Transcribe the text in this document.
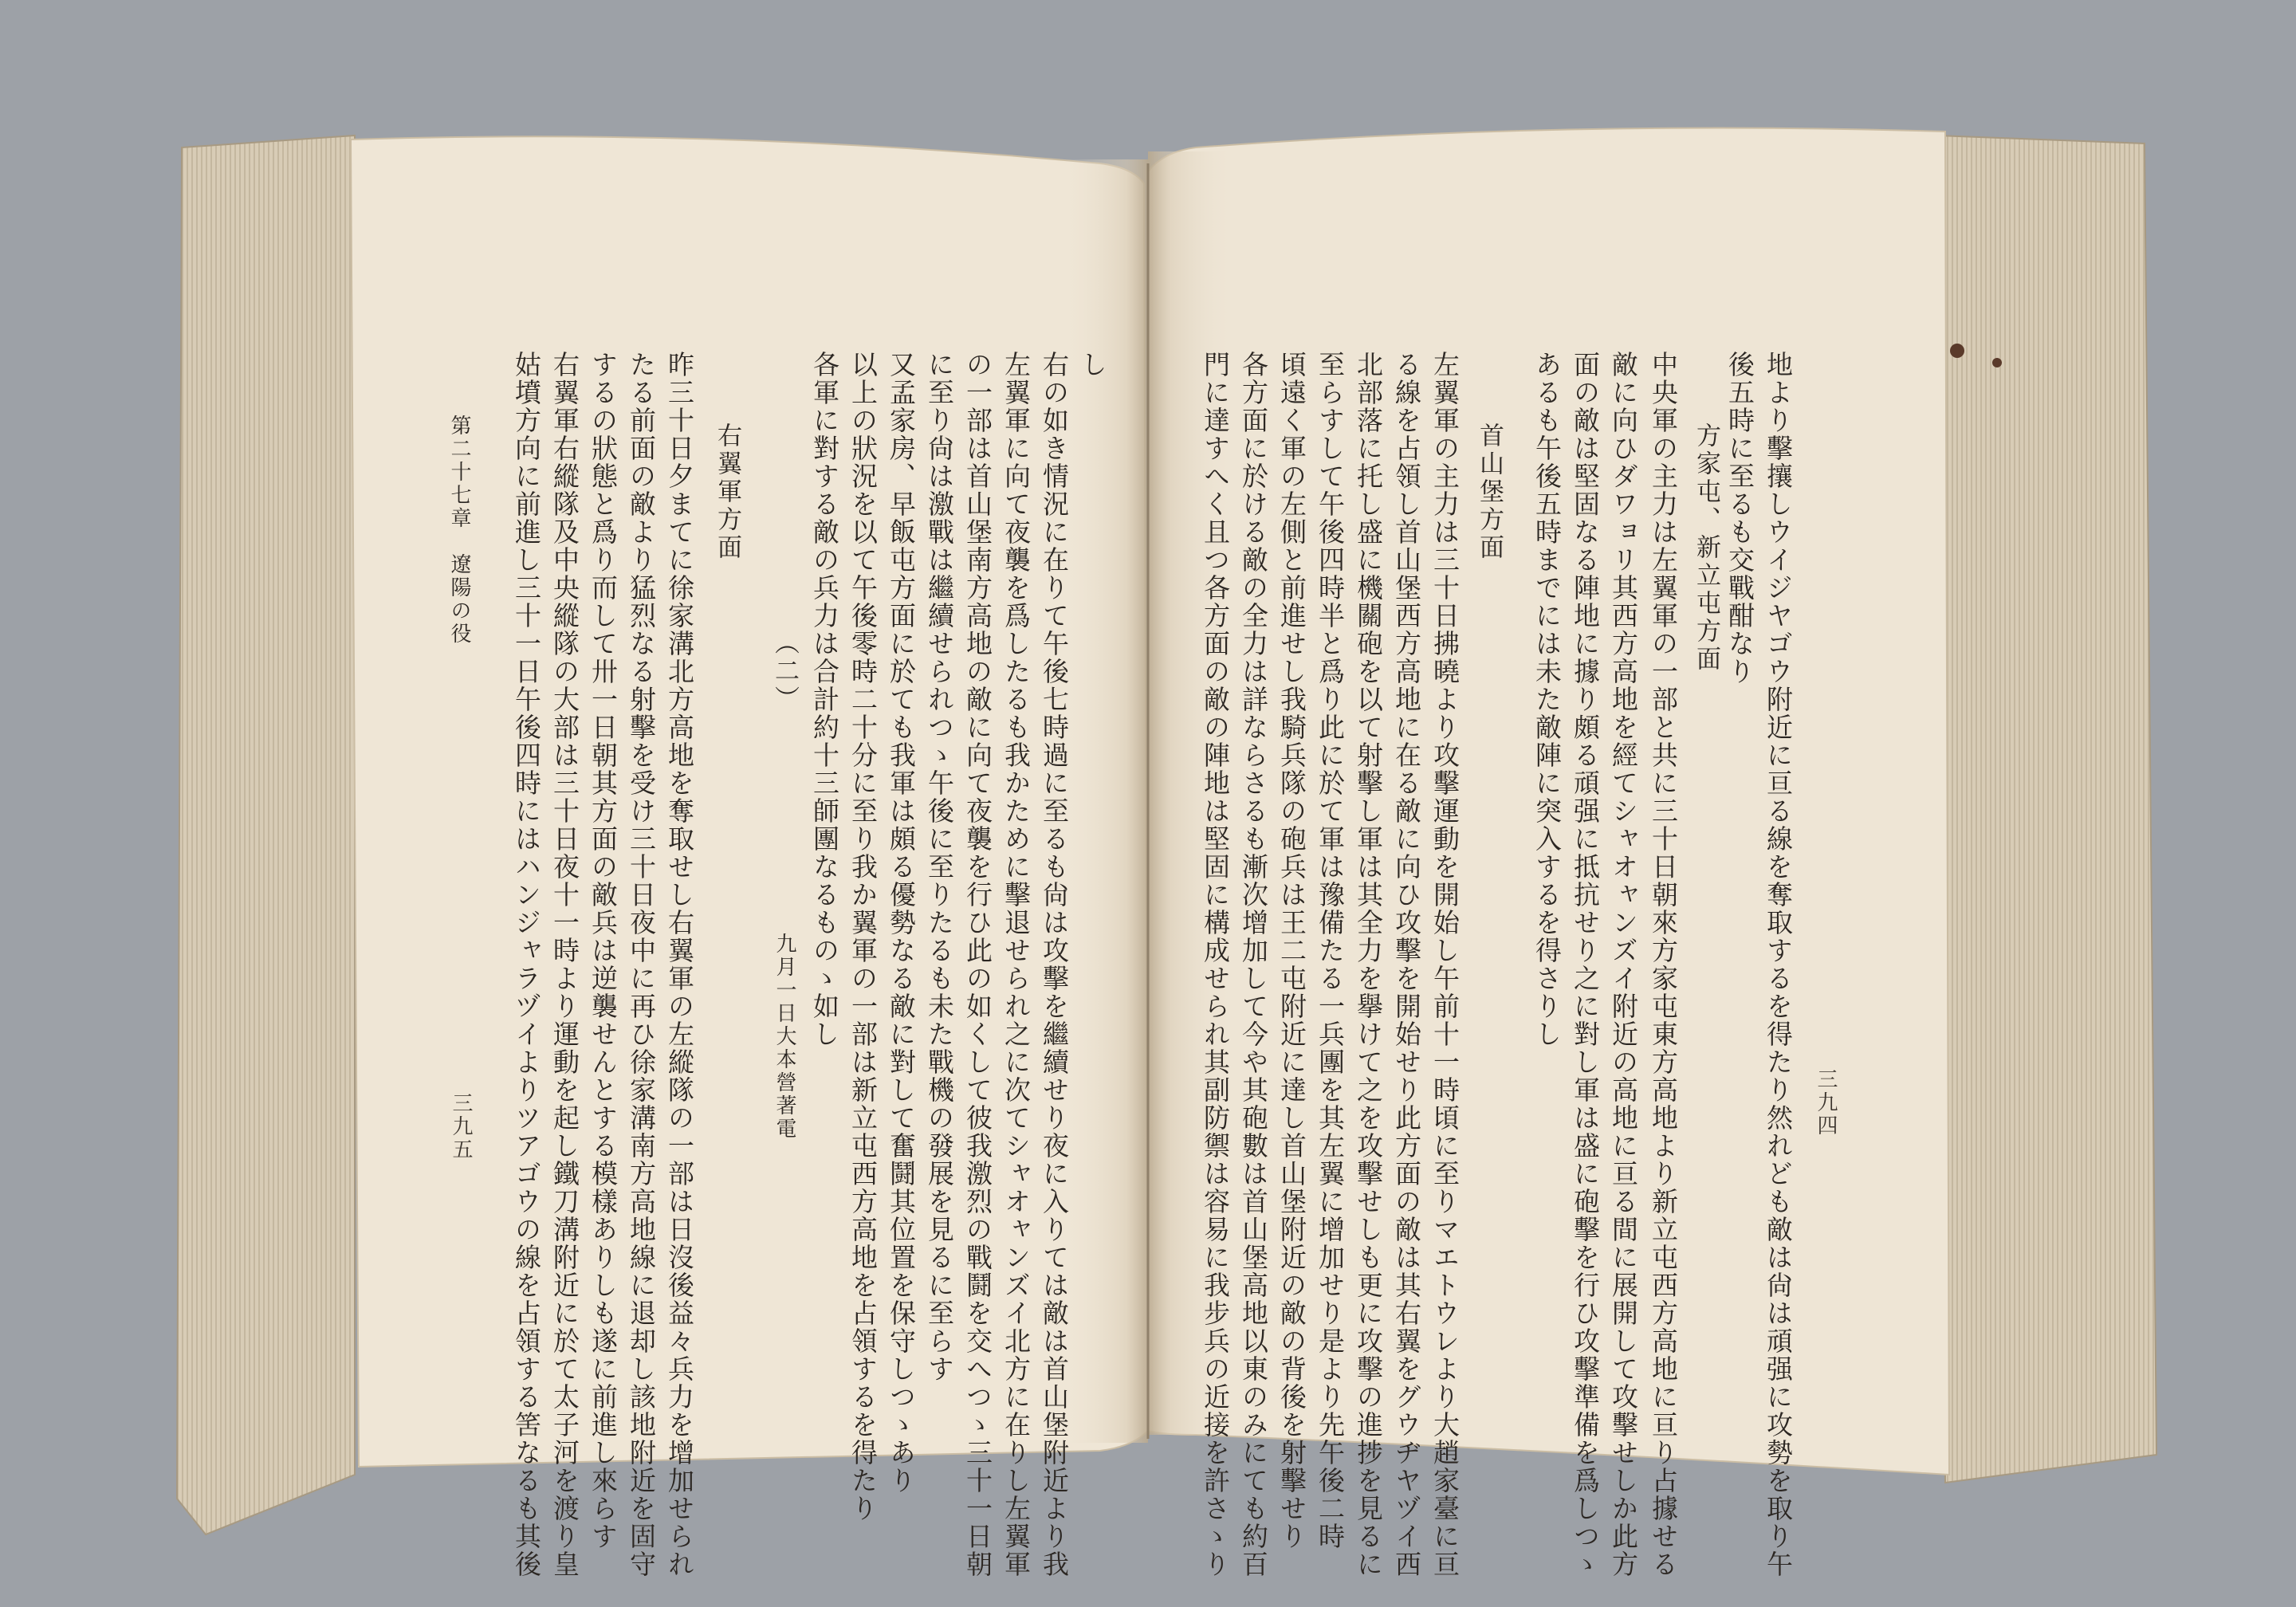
三九四
地より擊攘しウイジヤゴウ附近に亘る線を奪取するを得たり然れども敵は尙は頑强に攻勢を取り午
後五時に至るも交戰酣なり
方家屯、新立屯方面
中央軍の主力は左翼軍の一部と共に三十日朝來方家屯東方高地より新立屯西方高地に亘り占據せる
敵に向ひダワョリ其西方高地を經てシャオャンズイ附近の高地に亘る間に展開して攻擊せしか此方
面の敵は堅固なる陣地に據り頗る頑强に抵抗せり之に對し軍は盛に砲擊を行ひ攻擊準備を爲しつゝ
あるも午後五時までには未た敵陣に突入するを得さりし
首山堡方面
左翼軍の主力は三十日拂曉より攻擊運動を開始し午前十一時頃に至りマエトウレより大趙家臺に亘
る線を占領し首山堡西方高地に在る敵に向ひ攻擊を開始せり此方面の敵は其右翼をグウヂヤヅイ西
北部落に托し盛に機關砲を以て射擊し軍は其全力を擧けて之を攻擊せしも更に攻擊の進捗を見るに
至らすして午後四時半と爲り此に於て軍は豫備たる一兵團を其左翼に增加せり是より先午後二時
頃遠く軍の左側と前進せし我騎兵隊の砲兵は王二屯附近に達し首山堡附近の敵の背後を射擊せり
各方面に於ける敵の全力は詳ならさるも漸次增加して今や其砲數は首山堡高地以東のみにても約百
門に達すへく且つ各方面の敵の陣地は堅固に構成せられ其副防禦は容易に我步兵の近接を許さゝり
し
右の如き情況に在りて午後七時過に至るも尙は攻擊を繼續せり夜に入りては敵は首山堡附近より我
左翼軍に向て夜襲を爲したるも我かために擊退せられ之に次てシャオャンズイ北方に在りし左翼軍
の一部は首山堡南方高地の敵に向て夜襲を行ひ此の如くして彼我激烈の戰鬪を交へつゝ三十一日朝
に至り尙は激戰は繼續せられつゝ午後に至りたるも未た戰機の發展を見るに至らす
又孟家房、早飯屯方面に於ても我軍は頗る優勢なる敵に對して奮鬪其位置を保守しつゝあり
以上の狀況を以て午後零時二十分に至り我か翼軍の一部は新立屯西方高地を占領するを得たり
各軍に對する敵の兵力は合計約十三師團なるものゝ如し
（二）
九月一日大本營著電
右翼軍方面
昨三十日夕まてに徐家溝北方高地を奪取せし右翼軍の左縱隊の一部は日沒後益々兵力を增加せられ
たる前面の敵より猛烈なる射擊を受け三十日夜中に再ひ徐家溝南方高地線に退却し該地附近を固守
するの狀態と爲り而して卅一日朝其方面の敵兵は逆襲せんとする模樣ありしも遂に前進し來らす
右翼軍右縱隊及中央縱隊の大部は三十日夜十一時より運動を起し鐵刀溝附近に於て太子河を渡り皇
姑墳方向に前進し三十一日午後四時にはハンジャラヅイよりツアゴウの線を占領する筈なるも其後
第二十七章　遼陽の役
三九五
